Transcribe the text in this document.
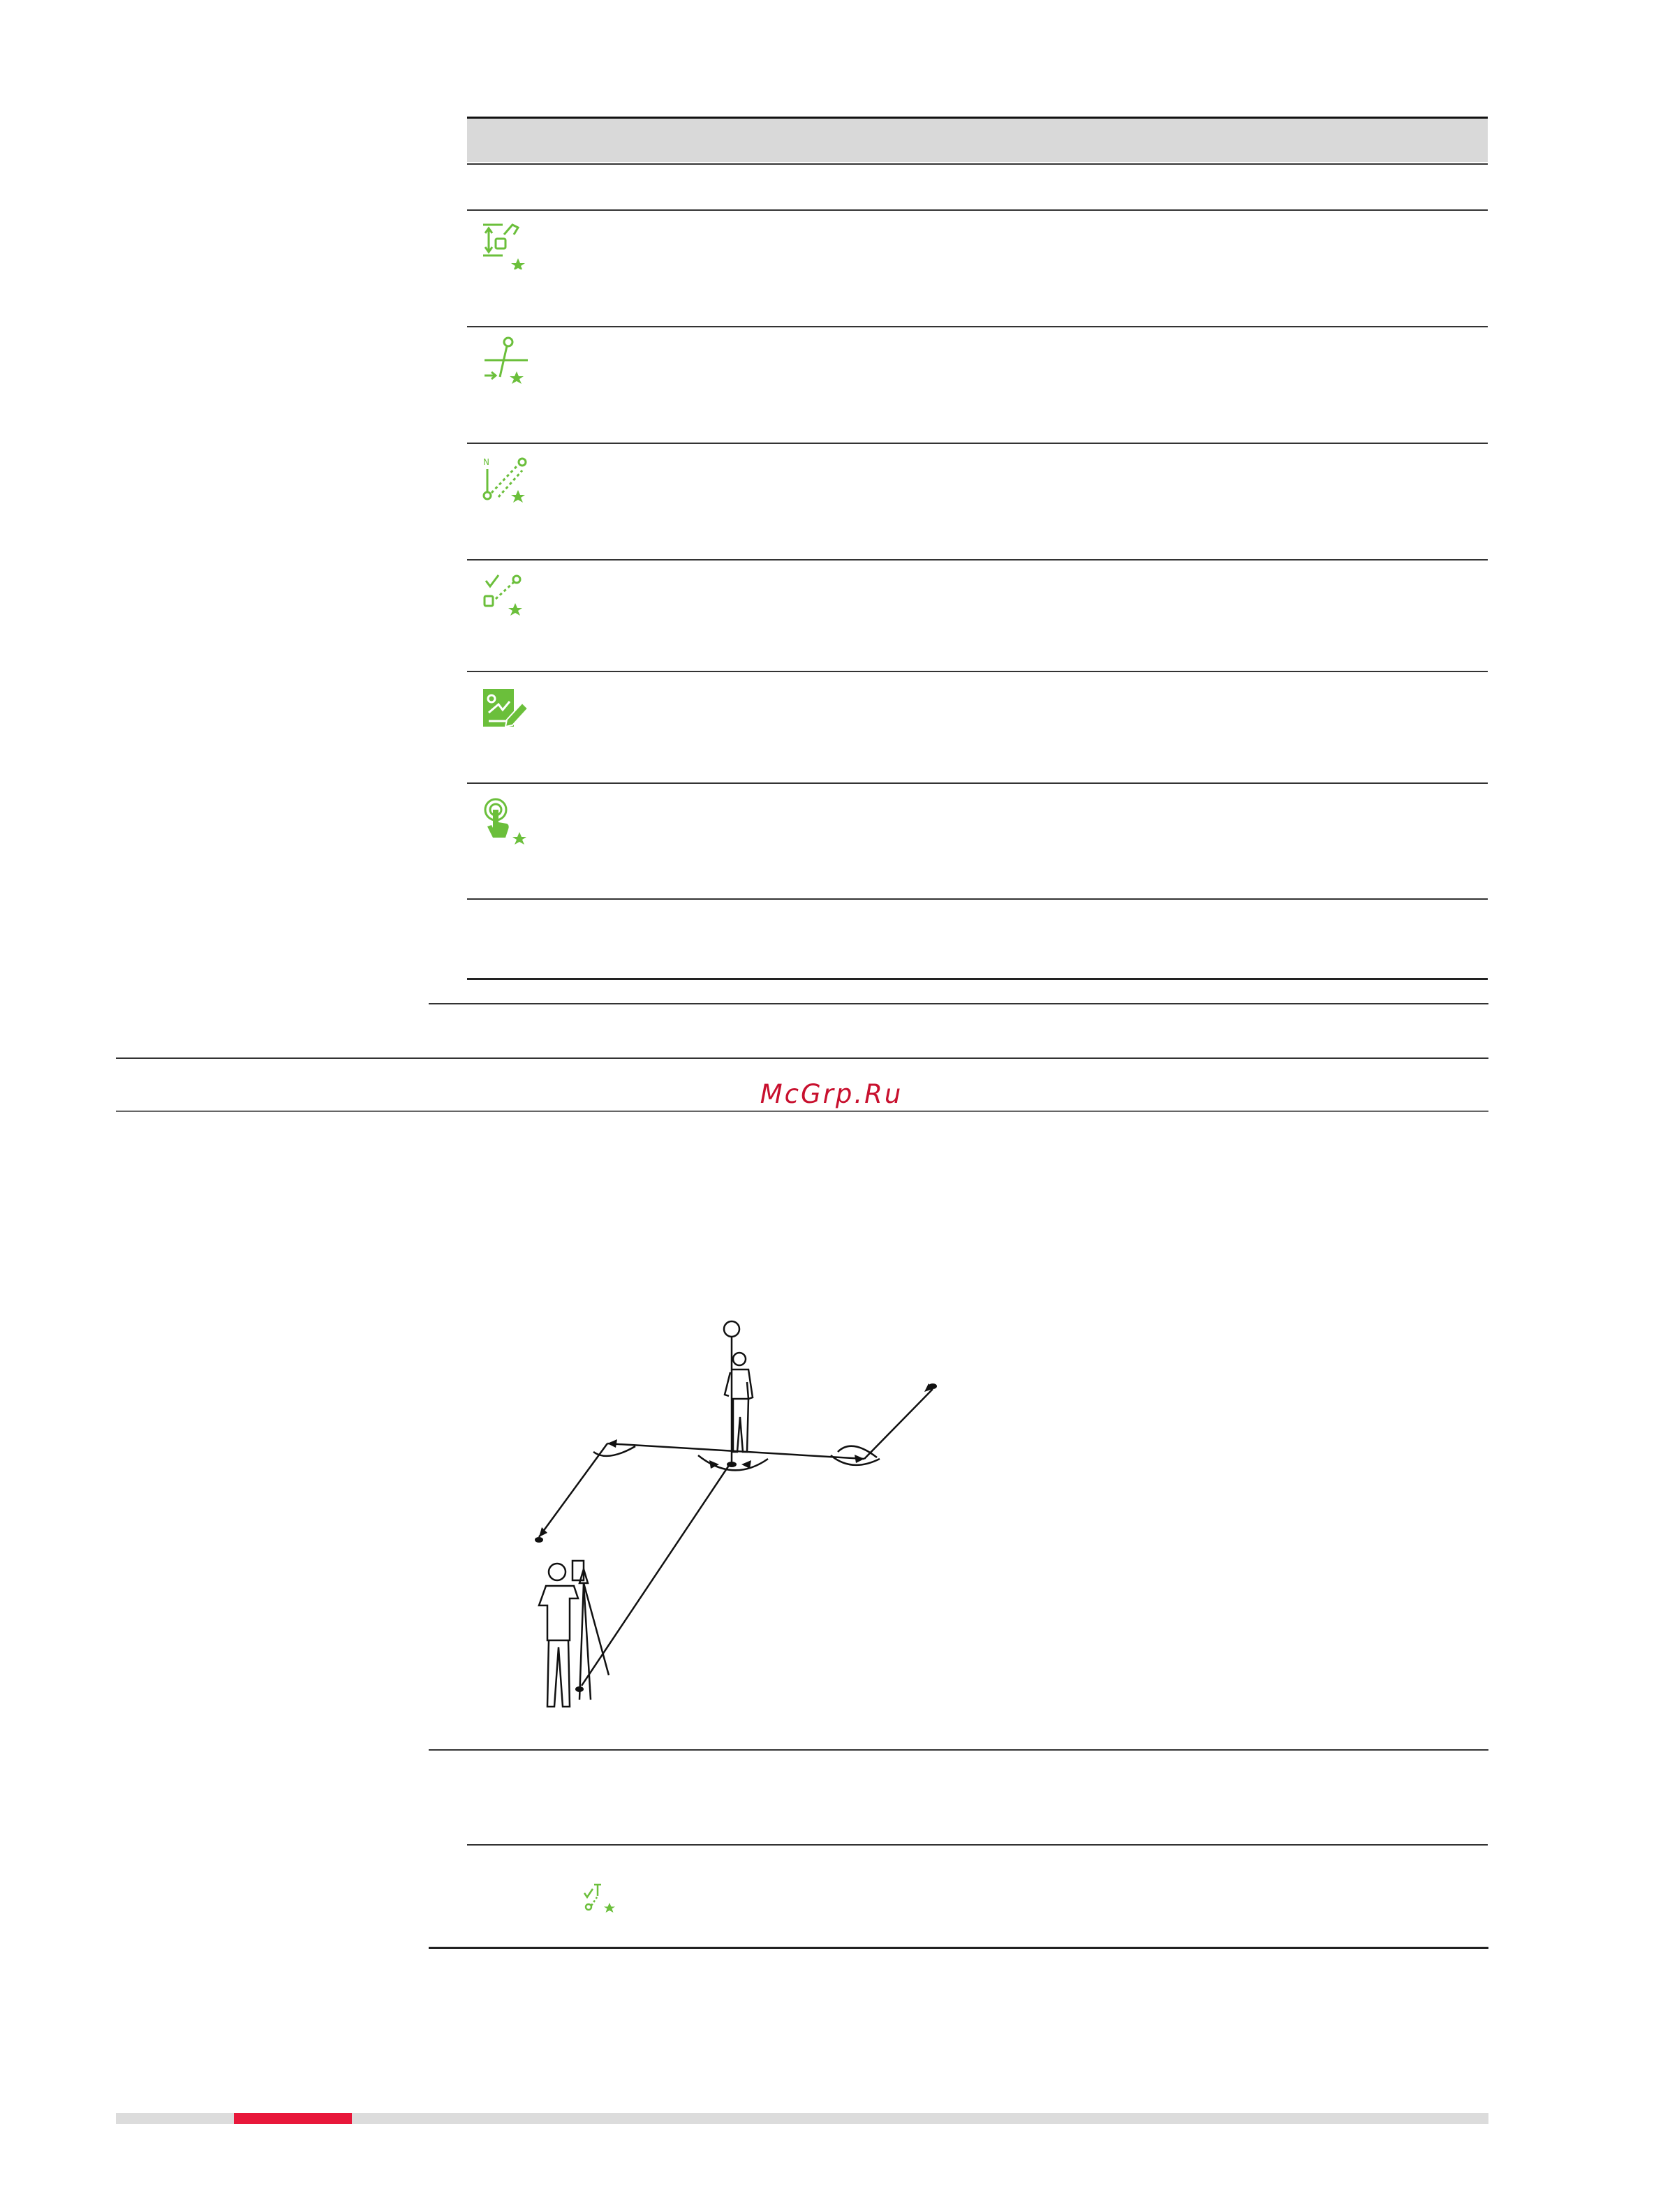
N
McGrp.Ru
